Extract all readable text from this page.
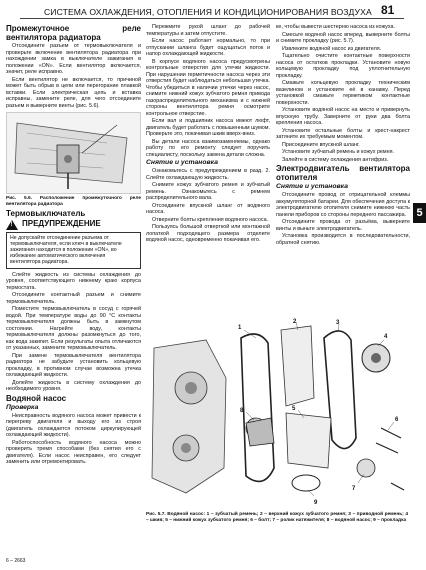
СИСТЕМА ОХЛАЖДЕНИЯ, ОТОПЛЕНИЯ И КОНДИЦИОНИРОВАНИЯ ВОЗДУХА 81
5

Промежуточное реле вентилятора радиатора

Отсоедините разъем от термовыключателя и проверьте включение вентилятора радиатора при нахождении замка в выключателе зажигания в положении «ON». Если вентилятор включается, значит, реле исправно.

Если вентилятор не включается, то причиной может быть обрыв в цепи или перегорание плавкой вставки. Если электрическая цепь и вставка исправны, замените реле, для чего отсоедините разъем и выверните винты (рис. 5.6).

Рис. 5.6. Расположение промежуточного реле вентилятора радиатора

Термовыключатель

! ПРЕДУПРЕЖДЕНИЕ
Не допускайте отсоединение разъема от термовыключателя, если ключ в выключателе зажигания находится в положении «ON», во избежание автоматического включения вентилятора радиатора.

Слейте жидкость из системы охлаждения до уровня, соответствующего нижнему краю корпуса термостата.

Отсоедините контактный разъем и снимите термовыключатель.

Поместите термовыключатель в сосуд с горячей водой. При температуре воды до 90 °С контакты термовыключателя должны быть в замкнутом состоянии. Нагрейте воду, контакты термовыключателя должны разомкнуться до того, как вода закипит. Если результаты опыта отличаются от указанных, замените термовыключатель.

При замене термовыключателя вентилятора радиатора не забудьте установить кольцевую прокладку, в противном случае возможна утечка охлаждающей жидкости.

Долейте жидкость в систему охлаждения до необходимого уровня.

Водяной насос

Проверка

Неисправность водяного насоса может привести к перегреву двигателя и выходу его из строя (двигатель охлаждается потоком циркулирующей охлаждающей жидкости).

Работоспособность водяного насоса можно проверить тремя способами (без снятия его с двигателя). Если насос неисправен, его следует заменить или отремонтировать.

Пережмите рукой шланг до рабочей температуры и затем отпустите.

Если насос работает нормально, то при отпускании шланга будет ощущаться поток и напор охлаждающей жидкости.

В корпусе водяного насоса предусмотрены контрольные отверстия для утечки жидкости. При нарушении герметичности насоса через эти отверстия будет наблюдаться небольшая утечка. Чтобы убедиться в наличии утечки через насос, снимите нижний кожух зубчатого ремня привода газораспределительного механизма и с нижней стороны вентилятора ремня осмотрите контрольное отверстие.

Если вал и подшипник насоса имеют люфт, двигатель будет работать с повышенным шумом. Проверьте это, покачивая шкив вверх-вниз.

Вы детали насоса взаимозаменяемы, однако работу по его ремонту следует поручить специалисту, поскольку замена детали сложна.

Снятие и установка

Ознакомьтесь с предупреждением в разд. 2. Слейте охлаждающую жидкость.

Снимите кожух зубчатого ремня и зубчатый ремень. Ознакомьтесь с ремнем распределительного вала.

Отсоедините впускной шланг от водяного насоса.

Отверните болты крепления водяного насоса.

Пользуясь большой отверткой или монтажной лопаткой подходящего размера отделите водяной насос, одновременно покачивая его.

ке, чтобы вывести шестерню насоса из кожуха.

Смесьте водяной насос вперед, выверните болты и снимите прокладку (рис. 5.7).

Извлеките водяной насос из двигателя.

Тщательно очистите контактные поверхности насоса от остатков прокладки. Установите новую кольцевую прокладку под уплотнительную прокладку.

Смажьте кольцевую прокладку техническим вазелином и установите её в канавку. Перед установкой смажьте герметиком контактные поверхности.

Установите водяной насос на место и привернуть впускную трубу. Заверните от руки два болта крепления насоса.

Установите остальные болты и крест-накрест затяните их требуемым моментом.

Присоедините впускной шланг.

Установите зубчатый ремень и кожух ремня.

Залейте в систему охлаждения антифриз.

Электродвигатель вентилятора отопителя

Снятие и установка

Отсоедините провод от отрицательной клеммы аккумуляторной батареи. Для обеспечения доступа к электродвигателю отопителя снимите нижнюю часть панели приборов со стороны переднего пассажира.

Отсоедините провода от разъёма, выверните винты и выньте электродвигатель.

Установка производится в последовательности, обратной снятию.

1
2	3
4
5
6
7
8
9

Рис. 5.7. Водяной насос: 1 – зубчатый ремень; 2 – верхний кожух зубчатого ремня; 3 – приводной ремень; 4 – шкив; 5 – нижний кожух зубчатого ремня; 6 – болт; 7 – ролик натяжителя; 8 – водяной насос; 9 – прокладка

6 – 2663
